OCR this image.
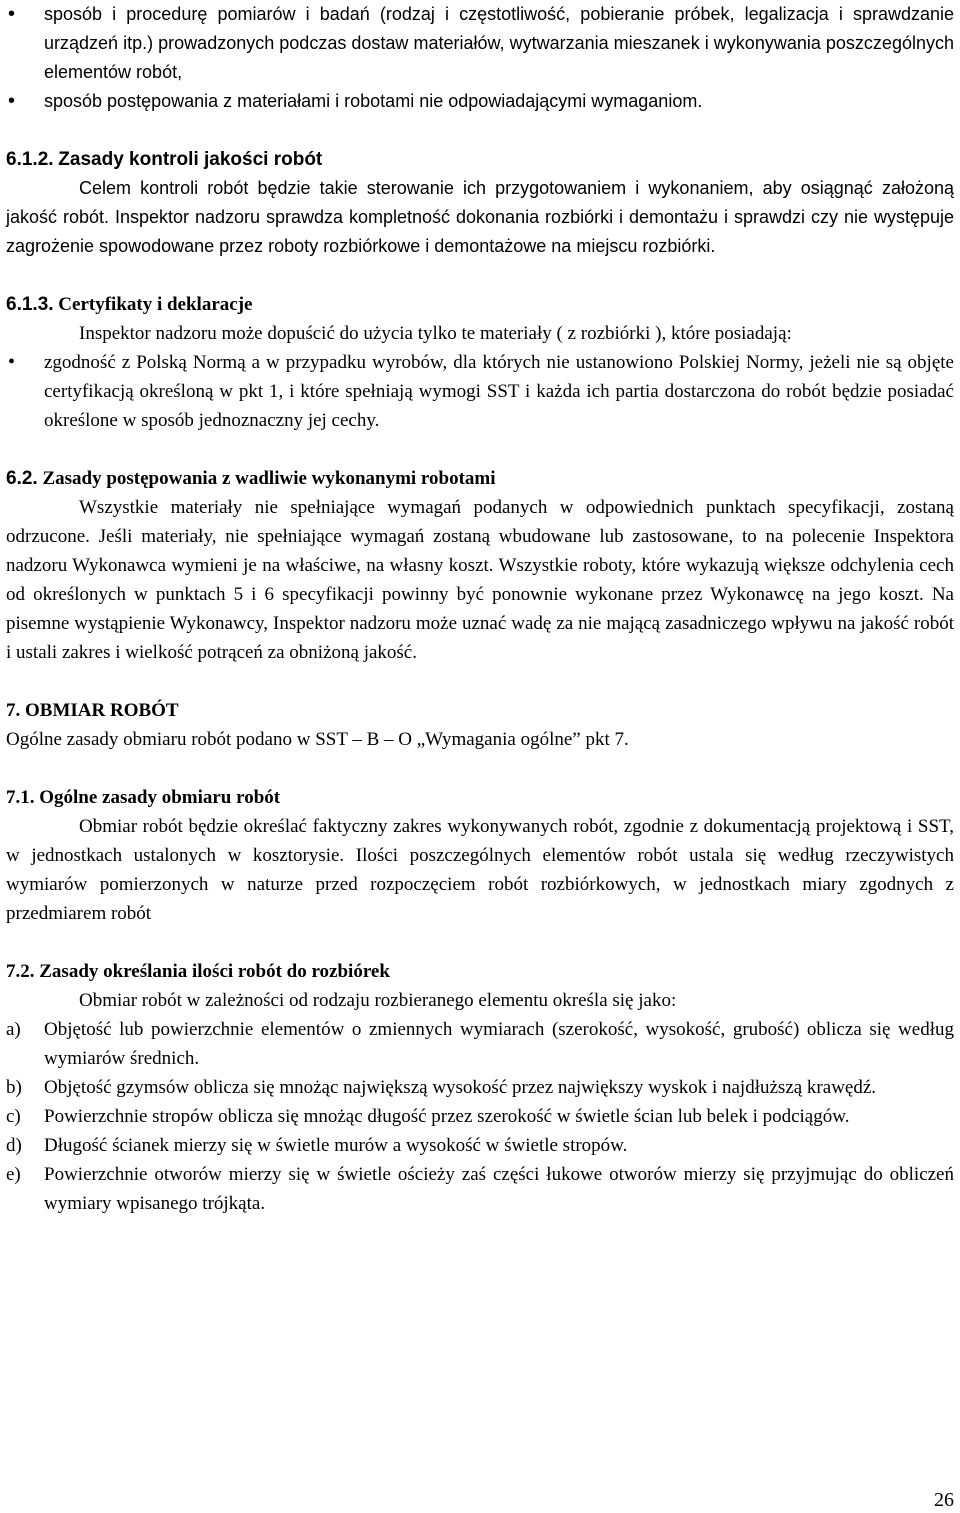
• sposób i procedurę pomiarów i badań (rodzaj i częstotliwość, pobieranie próbek, legalizacja i sprawdzanie urządzeń itp.) prowadzonych podczas dostaw materiałów, wytwarzania mieszanek i wykonywania poszczególnych elementów robót,
• sposób postępowania z materiałami i robotami nie odpowiadającymi wymaganiom.
6.1.2. Zasady kontroli jakości robót

Celem kontroli robót będzie takie sterowanie ich przygotowaniem i wykonaniem, aby osiągnąć założoną jakość robót. Inspektor nadzoru sprawdza kompletność dokonania rozbiórki i demontażu i sprawdzi czy nie występuje zagrożenie spowodowane przez roboty rozbiórkowe i demontażowe na miejscu rozbiórki.

6.1.3. Certyfikaty i deklaracje

Inspektor nadzoru może dopuścić do użycia tylko te materiały ( z rozbiórki ), które posiadają:

• zgodność z Polską Normą a w przypadku wyrobów, dla których nie ustanowiono Polskiej Normy, jeżeli nie są objęte certyfikacją określoną w pkt 1, i które spełniają wymogi SST i każda ich partia dostarczona do robót będzie posiadać określone w sposób jednoznaczny jej cechy.
6.2. Zasady postępowania z wadliwie wykonanymi robotami

Wszystkie materiały nie spełniające wymagań podanych w odpowiednich punktach specyfikacji, zostaną odrzucone. Jeśli materiały, nie spełniające wymagań zostaną wbudowane lub zastosowane, to na polecenie Inspektora nadzoru Wykonawca wymieni je na właściwe, na własny koszt. Wszystkie roboty, które wykazują większe odchylenia cech od określonych w punktach 5 i 6 specyfikacji powinny być ponownie wykonane przez Wykonawcę na jego koszt. Na pisemne wystąpienie Wykonawcy, Inspektor nadzoru może uznać wadę za nie mającą zasadniczego wpływu na jakość robót i ustali zakres i wielkość potrąceń za obniżoną jakość.

7. OBMIAR ROBÓT

Ogólne zasady obmiaru robót podano w SST – B – O „Wymagania ogólne” pkt 7.

7.1. Ogólne zasady obmiaru robót

Obmiar robót będzie określać faktyczny zakres wykonywanych robót, zgodnie z dokumentacją projektową i SST, w jednostkach ustalonych w kosztorysie. Ilości poszczególnych elementów robót ustala się według rzeczywistych wymiarów pomierzonych w naturze przed rozpoczęciem robót rozbiórkowych, w jednostkach miary zgodnych z przedmiarem robót

7.2. Zasady określania ilości robót do rozbiórek

Obmiar robót w zależności od rodzaju rozbieranego elementu określa się jako:

a) Objętość lub powierzchnie elementów o zmiennych wymiarach (szerokość, wysokość, grubość) oblicza się według wymiarów średnich.
b) Objętość gzymsów oblicza się mnożąc największą wysokość przez największy wyskok i najdłuższą krawędź.
c) Powierzchnie stropów oblicza się mnożąc długość przez szerokość w świetle ścian lub belek i podciągów.
d) Długość ścianek mierzy się w świetle murów a wysokość w świetle stropów.
e) Powierzchnie otworów mierzy się w świetle ościeży zaś części łukowe otworów mierzy się przyjmując do obliczeń wymiary wpisanego trójkąta.
26
